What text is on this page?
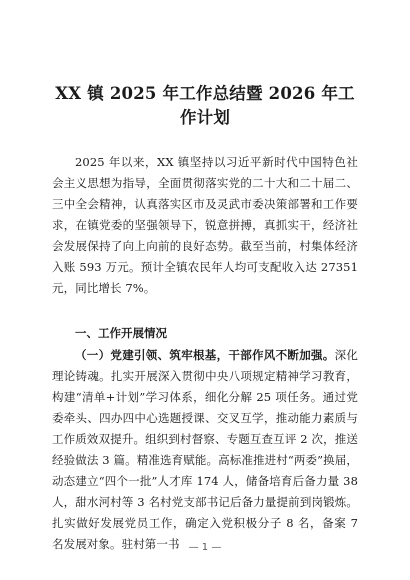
XX 镇 2025 年工作总结暨 2026 年工作计划
2025 年以来，XX 镇坚持以习近平新时代中国特色社会主义思想为指导，全面贯彻落实党的二十大和二十届二、三中全会精神，认真落实区市及灵武市委决策部署和工作要求，在镇党委的坚强领导下，锐意拼搏，真抓实干，经济社会发展保持了向上向前的良好态势。截至当前，村集体经济入账 593 万元。预计全镇农民年人均可支配收入达 27351 元，同比增长 7%。
一、工作开展情况
（一）党建引领、筑牢根基，干部作风不断加强。深化理论铸魂。扎实开展深入贯彻中央八项规定精神学习教育，构建“清单+计划”学习体系，细化分解 25 项任务。通过党委牵头、四办四中心选题授课、交叉互学，推动能力素质与工作质效双提升。组织到村督察、专题互查互评 2 次，推送经验做法 3 篇。精准选育赋能。高标准推进村“两委”换届，动态建立“四个一批”人才库 174 人，储备培育后备力量 38 人，甜水河村等 3 名村党支部书记后备力量提前到岗锻炼。扎实做好发展党员工作，确定入党积极分子 8 名，备案 7 名发展对象。驻村第一书 — 1 —
